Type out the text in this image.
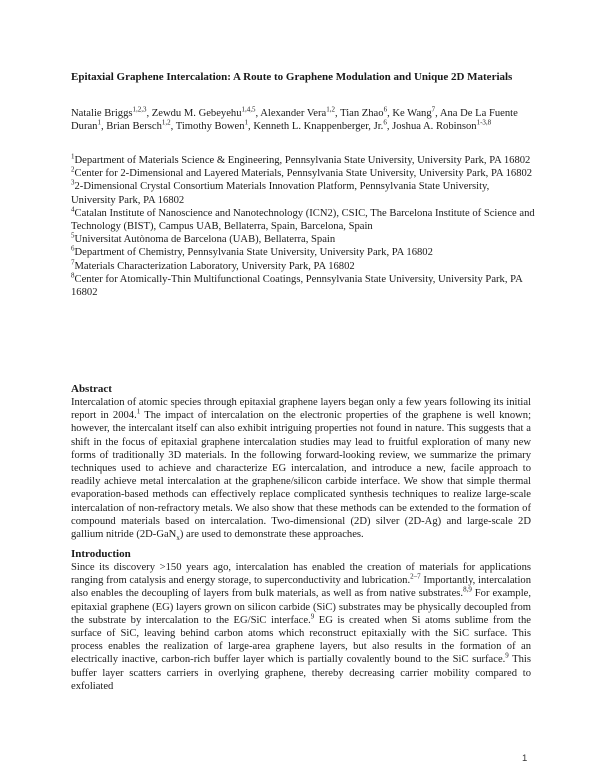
Epitaxial Graphene Intercalation: A Route to Graphene Modulation and Unique 2D Materials
Natalie Briggs$^{1,2,3}$, Zewdu M. Gebeyehu$^{1,4,5}$, Alexander Vera$^{1,2}$, Tian Zhao$^6$, Ke Wang$^7$, Ana De La Fuente Duran$^1$, Brian Bersch$^{1,2}$, Timothy Bowen$^1$, Kenneth L. Knappenberger, Jr.$^6$, Joshua A. Robinson$^{1-3,8}$

$^1$Department of Materials Science & Engineering, Pennsylvania State University, University Park, PA 16802

$^2$Center for 2-Dimensional and Layered Materials, Pennsylvania State University, University Park, PA 16802

$^3$2-Dimensional Crystal Consortium Materials Innovation Platform, Pennsylvania State University, University Park, PA 16802

$^4$Catalan Institute of Nanoscience and Nanotechnology (ICN2), CSIC, The Barcelona Institute of Science and Technology (BIST), Campus UAB, Bellaterra, Spain, Barcelona, Spain

$^5$Universitat Autònoma de Barcelona (UAB), Bellaterra, Spain

$^6$Department of Chemistry, Pennsylvania State University, University Park, PA 16802

$^7$Materials Characterization Laboratory, University Park, PA 16802

$^8$Center for Atomically-Thin Multifunctional Coatings, Pennsylvania State University, University Park, PA 16802

Abstract

Intercalation of atomic species through epitaxial graphene layers began only a few years following its initial report in 2004.$^1$ The impact of intercalation on the electronic properties of the graphene is well known; however, the intercalant itself can also exhibit intriguing properties not found in nature. This suggests that a shift in the focus of epitaxial graphene intercalation studies may lead to fruitful exploration of many new forms of traditionally 3D materials. In the following forward-looking review, we summarize the primary techniques used to achieve and characterize EG intercalation, and introduce a new, facile approach to readily achieve metal intercalation at the graphene/silicon carbide interface. We show that simple thermal evaporation-based methods can effectively replace complicated synthesis techniques to realize large-scale intercalation of non-refractory metals. We also show that these methods can be extended to the formation of compound materials based on intercalation. Two-dimensional (2D) silver (2D-Ag) and large-scale 2D gallium nitride (2D-GaN$_x$) are used to demonstrate these approaches.

Introduction

Since its discovery >150 years ago, intercalation has enabled the creation of materials for applications ranging from catalysis and energy storage, to superconductivity and lubrication.$^{2-7}$ Importantly, intercalation also enables the decoupling of layers from bulk materials, as well as from native substrates.$^{8,9}$ For example, epitaxial graphene (EG) layers grown on silicon carbide (SiC) substrates may be physically decoupled from the substrate by intercalation to the EG/SiC interface.$^9$ EG is created when Si atoms sublime from the surface of SiC, leaving behind carbon atoms which reconstruct epitaxially with the SiC surface. This process enables the realization of large-area graphene layers, but also results in the formation of an electrically inactive, carbon-rich buffer layer which is partially covalently bound to the SiC surface.$^9$ This buffer layer scatters carriers in overlying graphene, thereby decreasing carrier mobility compared to exfoliated

1
